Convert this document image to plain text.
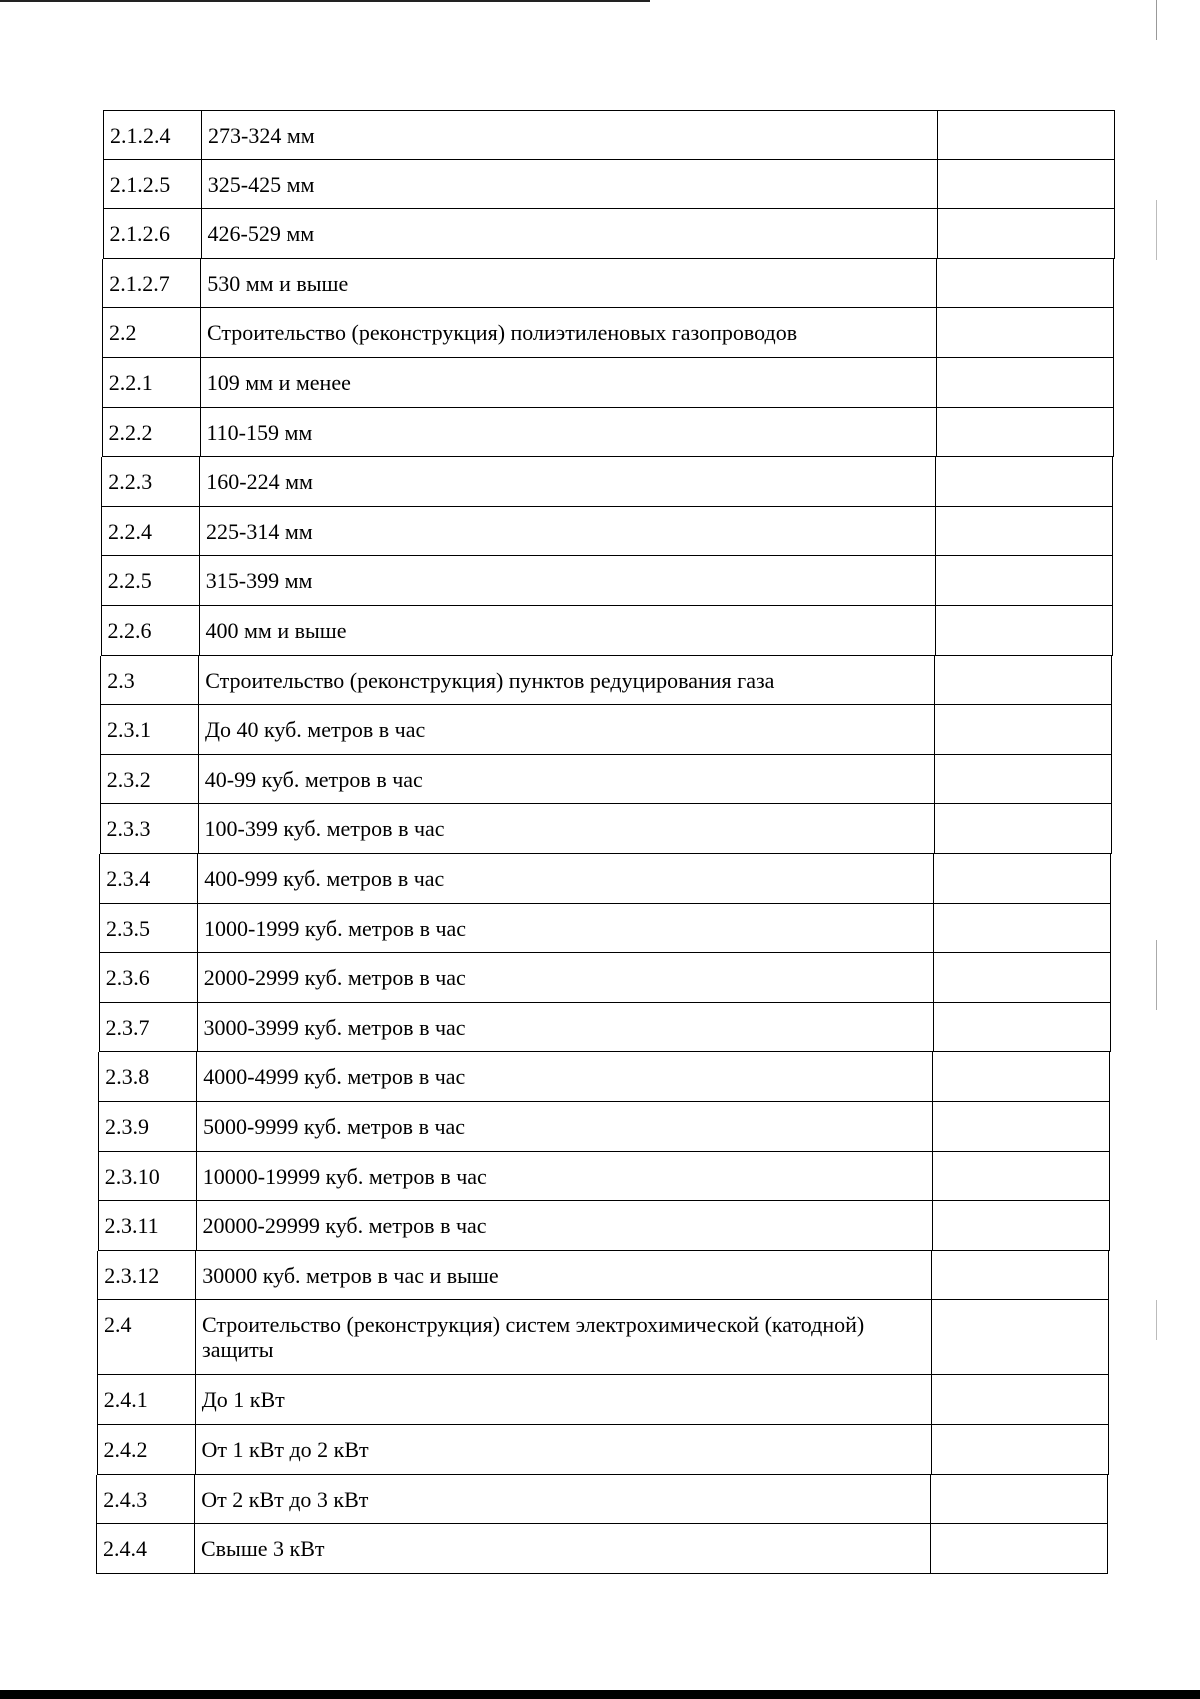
2.1.2.4	273-324 мм
2.1.2.5	325-425 мм
2.1.2.6	426-529 мм
2.1.2.7	530 мм и выше
2.2	Строительство (реконструкция) полиэтиленовых газопроводов
2.2.1	109 мм и менее
2.2.2	110-159 мм
2.2.3	160-224 мм
2.2.4	225-314 мм
2.2.5	315-399 мм
2.2.6	400 мм и выше
2.3	Строительство (реконструкция) пунктов редуцирования газа
2.3.1	До 40 куб. метров в час
2.3.2	40-99 куб. метров в час
2.3.3	100-399 куб. метров в час
2.3.4	400-999 куб. метров в час
2.3.5	1000-1999 куб. метров в час
2.3.6	2000-2999 куб. метров в час
2.3.7	3000-3999 куб. метров в час
2.3.8	4000-4999 куб. метров в час
2.3.9	5000-9999 куб. метров в час
2.3.10	10000-19999 куб. метров в час
2.3.11	20000-29999 куб. метров в час
2.3.12	30000 куб. метров в час и выше
2.4	Строительство (реконструкция) систем электрохимической (катодной) защиты
2.4.1	До 1 кВт
2.4.2	От 1 кВт до 2 кВт
2.4.3	От 2 кВт до 3 кВт
2.4.4	Свыше 3 кВт
